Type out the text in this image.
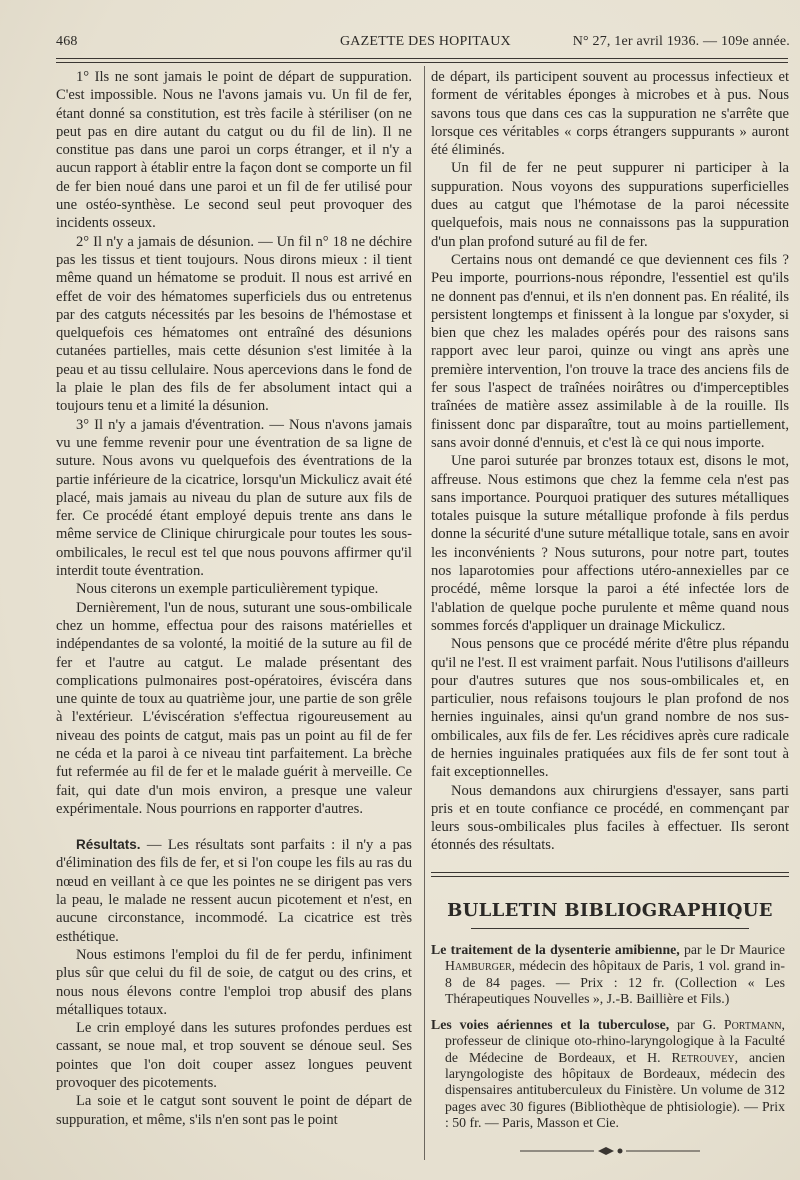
468	GAZETTE DES HOPITAUX	N° 27, 1er avril 1936. — 109e année.

1° Ils ne sont jamais le point de départ de suppuration. C'est impossible. Nous ne l'avons jamais vu. Un fil de fer, étant donné sa constitution, est très facile à stériliser (on ne peut pas en dire autant du catgut ou du fil de lin). Il ne constitue pas dans une paroi un corps étranger, et il n'y a aucun rapport à établir entre la façon dont se comporte un fil de fer bien noué dans une paroi et un fil de fer utilisé pour une ostéo-synthèse. Le second seul peut provoquer des incidents osseux.

2° Il n'y a jamais de désunion. — Un fil n° 18 ne déchire pas les tissus et tient toujours. Nous dirons mieux : il tient même quand un hématome se produit. Il nous est arrivé en effet de voir des hématomes superficiels dus ou entretenus par des catguts nécessités par les besoins de l'hémostase et quelquefois ces hématomes ont entraîné des désunions cutanées partielles, mais cette désunion s'est limitée à la peau et au tissu cellulaire. Nous apercevions dans le fond de la plaie le plan des fils de fer absolument intact qui a toujours tenu et a limité la désunion.

3° Il n'y a jamais d'éventration. — Nous n'avons jamais vu une femme revenir pour une éventration de sa ligne de suture. Nous avons vu quelquefois des éventrations de la partie inférieure de la cicatrice, lorsqu'un Mickulicz avait été placé, mais jamais au niveau du plan de suture aux fils de fer. Ce procédé étant employé depuis trente ans dans le même service de Clinique chirurgicale pour toutes les sous-ombilicales, le recul est tel que nous pouvons affirmer qu'il interdit toute éventration.

Nous citerons un exemple particulièrement typique.

Dernièrement, l'un de nous, suturant une sous-ombilicale chez un homme, effectua pour des raisons matérielles et indépendantes de sa volonté, la moitié de la suture au fil de fer et l'autre au catgut. Le malade présentant des complications pulmonaires post-opératoires, éviscéra dans une quinte de toux au quatrième jour, une partie de son grêle à l'extérieur. L'éviscération s'effectua rigoureusement au niveau des points de catgut, mais pas un point au fil de fer ne céda et la paroi à ce niveau tint parfaitement. La brèche fut refermée au fil de fer et le malade guérit à merveille. Ce fait, qui date d'un mois environ, a presque une valeur expérimentale. Nous pourrions en rapporter d'autres.

Résultats. — Les résultats sont parfaits : il n'y a pas d'élimination des fils de fer, et si l'on coupe les fils au ras du nœud en veillant à ce que les pointes ne se dirigent pas vers la peau, le malade ne ressent aucun picotement et n'est, en aucune circonstance, incommodé. La cicatrice est très esthétique.

Nous estimons l'emploi du fil de fer perdu, infiniment plus sûr que celui du fil de soie, de catgut ou des crins, et nous nous élevons contre l'emploi trop abusif des plans métalliques totaux.

Le crin employé dans les sutures profondes perdues est cassant, se noue mal, et trop souvent se dénoue seul. Ses pointes que l'on doit couper assez longues peuvent provoquer des picotements.

La soie et le catgut sont souvent le point de départ de suppuration, et même, s'ils n'en sont pas le point

de départ, ils participent souvent au processus infectieux et forment de véritables éponges à microbes et à pus. Nous savons tous que dans ces cas la suppuration ne s'arrête que lorsque ces véritables « corps étrangers suppurants » auront été éliminés.

Un fil de fer ne peut suppurer ni participer à la suppuration. Nous voyons des suppurations superficielles dues au catgut que l'hémotase de la paroi nécessite quelquefois, mais nous ne connaissons pas la suppuration d'un plan profond suturé au fil de fer.

Certains nous ont demandé ce que deviennent ces fils ? Peu importe, pourrions-nous répondre, l'essentiel est qu'ils ne donnent pas d'ennui, et ils n'en donnent pas. En réalité, ils persistent longtemps et finissent à la longue par s'oxyder, si bien que chez les malades opérés pour des raisons sans rapport avec leur paroi, quinze ou vingt ans après une première intervention, l'on trouve la trace des anciens fils de fer sous l'aspect de traînées noirâtres ou d'imperceptibles traînées de matière assez assimilable à de la rouille. Ils finissent donc par disparaître, tout au moins partiellement, sans avoir donné d'ennuis, et c'est là ce qui nous importe.

Une paroi suturée par bronzes totaux est, disons le mot, affreuse. Nous estimons que chez la femme cela n'est pas sans importance. Pourquoi pratiquer des sutures métalliques totales puisque la suture métallique profonde à fils perdus donne la sécurité d'une suture métallique totale, sans en avoir les inconvénients ? Nous suturons, pour notre part, toutes nos laparotomies pour affections utéro-annexielles par ce procédé, même lorsque la paroi a été infectée lors de l'ablation de quelque poche purulente et même quand nous sommes forcés d'appliquer un drainage Mickulicz.

Nous pensons que ce procédé mérite d'être plus répandu qu'il ne l'est. Il est vraiment parfait. Nous l'utilisons d'ailleurs pour d'autres sutures que nos sous-ombilicales et, en particulier, nous refaisons toujours le plan profond de nos hernies inguinales, ainsi qu'un grand nombre de nos sus-ombilicales, aux fils de fer. Les récidives après cure radicale de hernies inguinales pratiquées aux fils de fer sont tout à fait exceptionnelles.

Nous demandons aux chirurgiens d'essayer, sans parti pris et en toute confiance ce procédé, en commençant par leurs sous-ombilicales plus faciles à effectuer. Ils seront étonnés des résultats.

BULLETIN BIBLIOGRAPHIQUE

Le traitement de la dysenterie amibienne, par le Dr Maurice Hamburger, médecin des hôpitaux de Paris, 1 vol. grand in-8 de 84 pages. — Prix : 12 fr. (Collection « Les Thérapeutiques Nouvelles », J.-B. Baillière et Fils.)

Les voies aériennes et la tuberculose, par G. Portmann, professeur de clinique oto-rhino-laryngologique à la Faculté de Médecine de Bordeaux, et H. Retrouvey, ancien laryngologiste des hôpitaux de Bordeaux, médecin des dispensaires antituberculeux du Finistère. Un volume de 312 pages avec 30 figures (Bibliothèque de phtisiologie). — Prix : 50 fr. — Paris, Masson et Cie.
